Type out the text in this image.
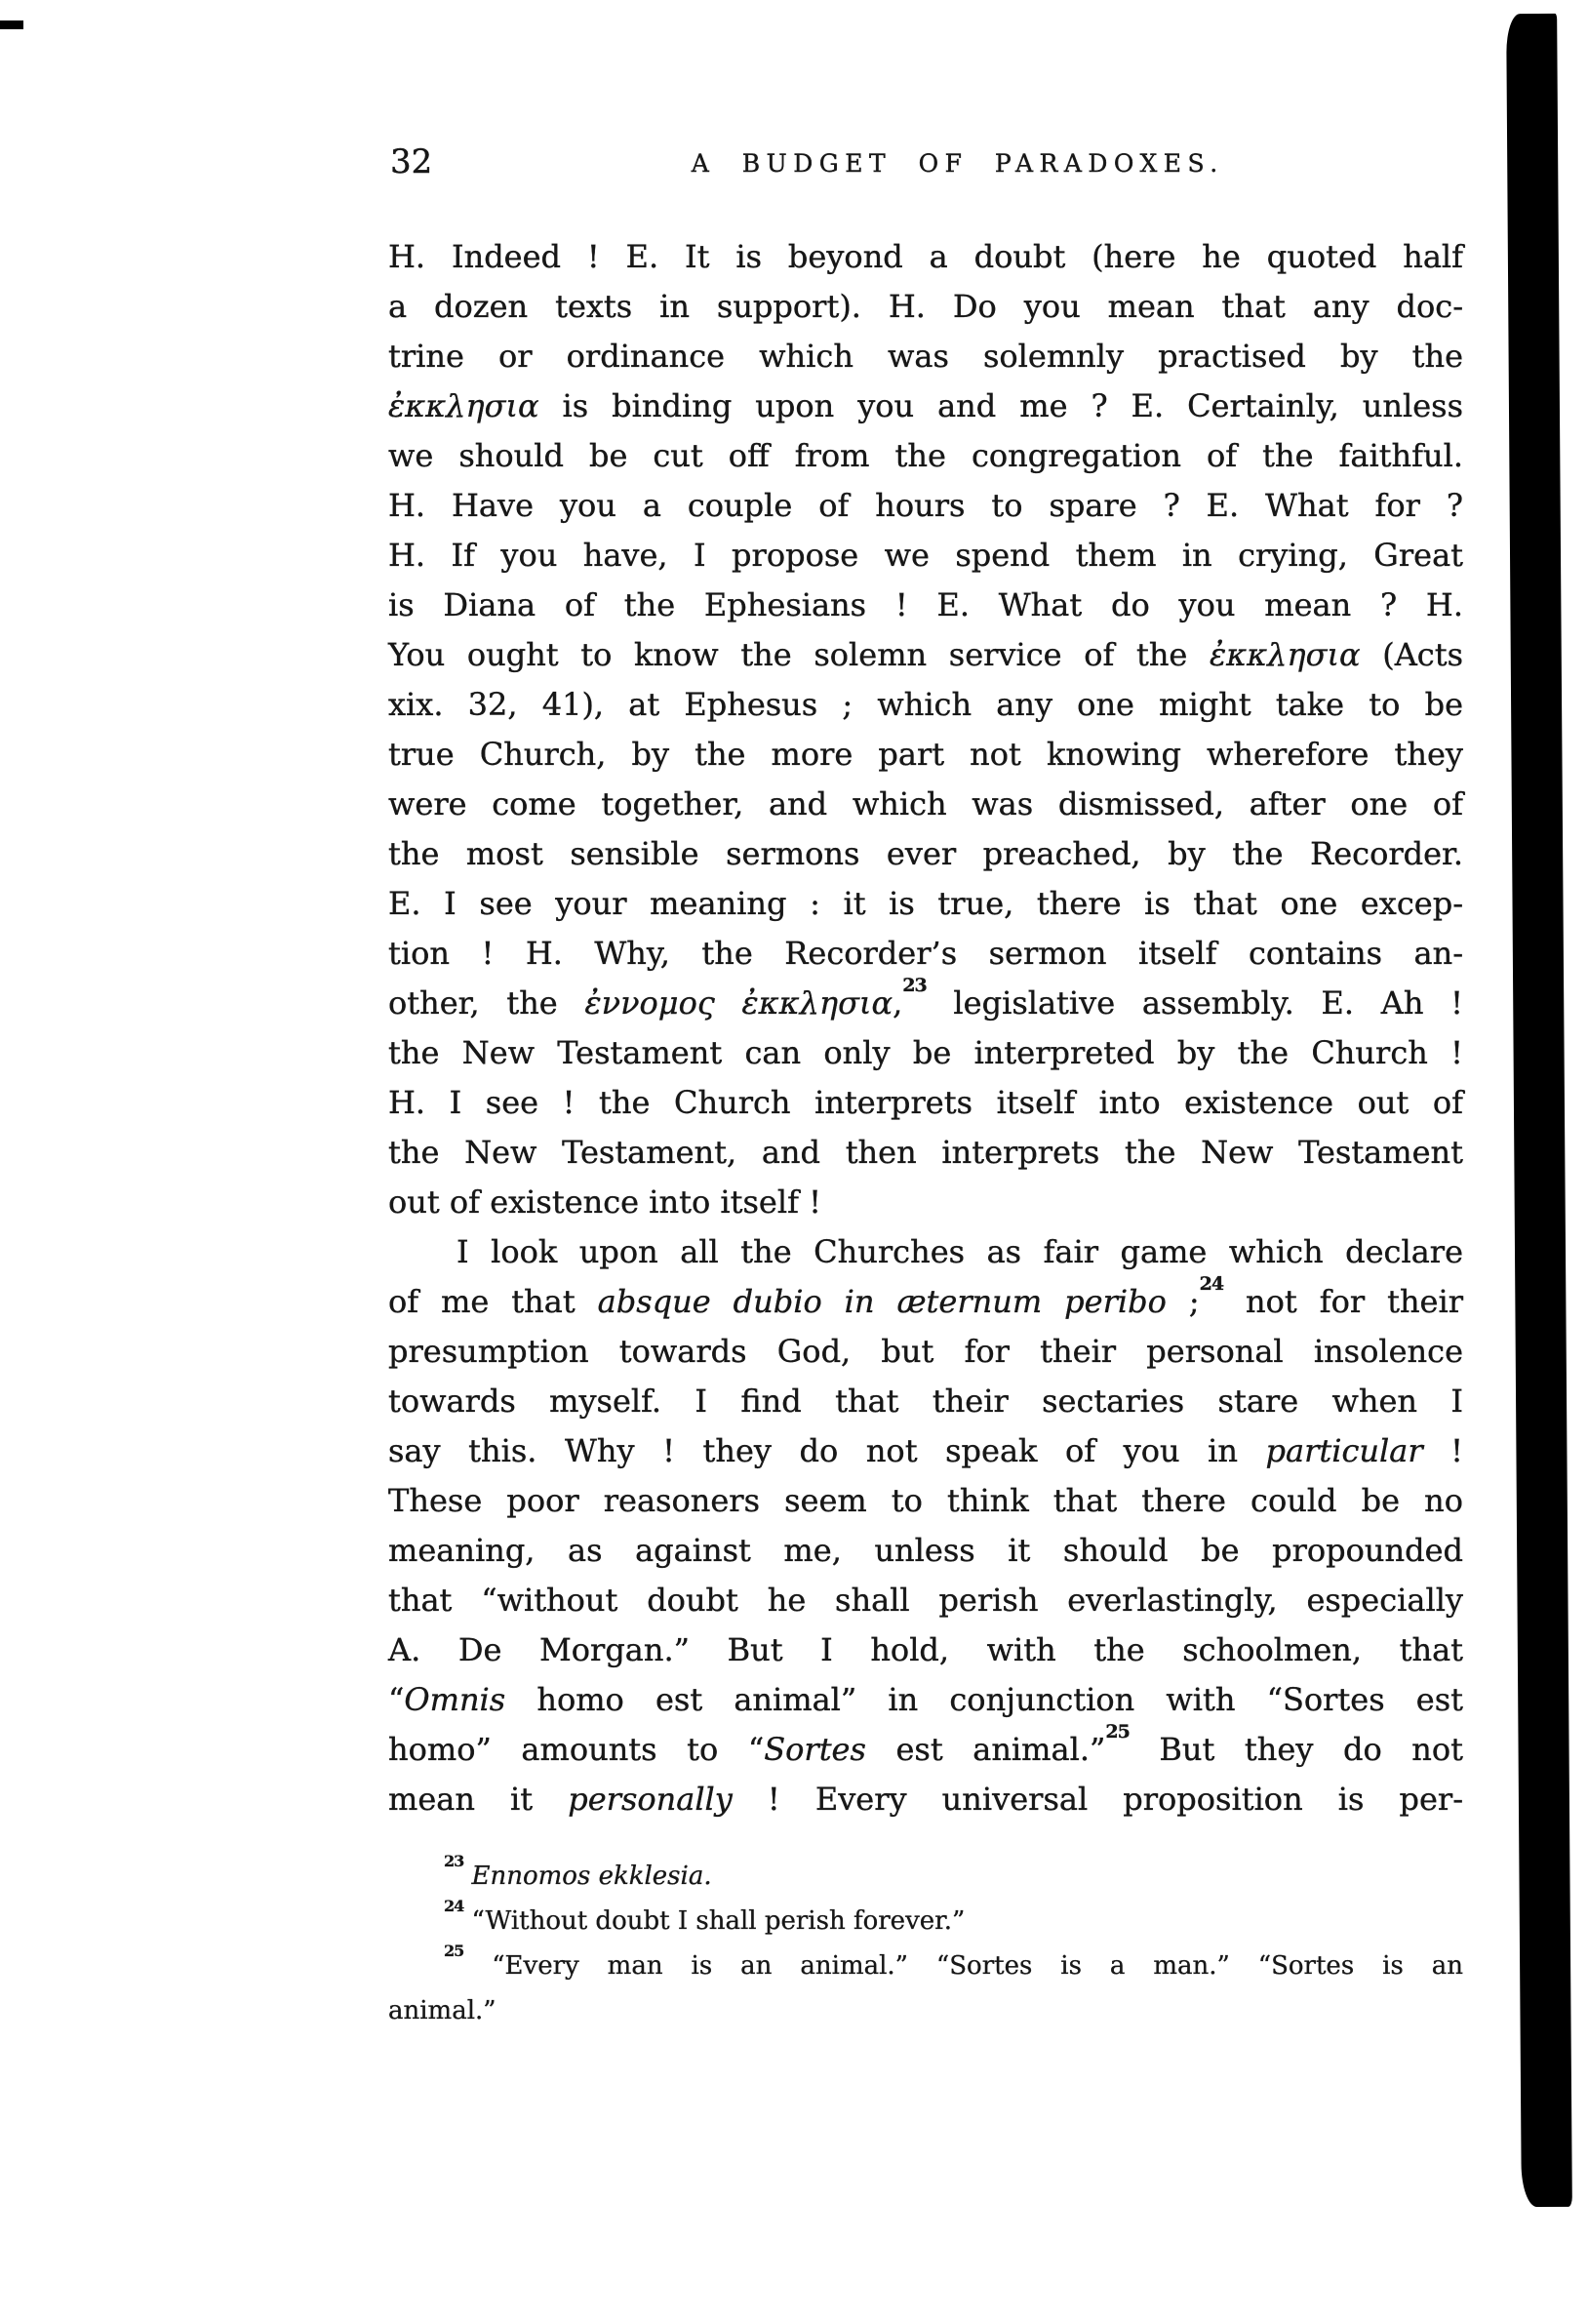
32	A BUDGET OF PARADOXES.
H. Indeed ! E. It is beyond a doubt (here he quoted half
a dozen texts in support). H. Do you mean that any doc-
trine or ordinance which was solemnly practised by the
ἐκκλησια is binding upon you and me ? E. Certainly, unless
we should be cut off from the congregation of the faithful.
H. Have you a couple of hours to spare ? E. What for ?
H. If you have, I propose we spend them in crying, Great
is Diana of the Ephesians ! E. What do you mean ? H.
You ought to know the solemn service of the ἐκκλησια (Acts
xix. 32, 41), at Ephesus ; which any one might take to be
true Church, by the more part not knowing wherefore they
were come together, and which was dismissed, after one of
the most sensible sermons ever preached, by the Recorder.
E. I see your meaning : it is true, there is that one excep-
tion ! H. Why, the Recorder’s sermon itself contains an-
other, the ἐννομος ἐκκλησια,$^{23}$ legislative assembly. E. Ah !
the New Testament can only be interpreted by the Church !
H. I see ! the Church interprets itself into existence out of
the New Testament, and then interprets the New Testament
out of existence into itself !
I look upon all the Churches as fair game which declare
of me that absque dubio in æternum peribo ;$^{24}$ not for their
presumption towards God, but for their personal insolence
towards myself. I find that their sectaries stare when I
say this. Why ! they do not speak of you in particular !
These poor reasoners seem to think that there could be no
meaning, as against me, unless it should be propounded
that “without doubt he shall perish everlastingly, especially
A. De Morgan.” But I hold, with the schoolmen, that
“Omnis homo est animal” in conjunction with “Sortes est
homo” amounts to “Sortes est animal.”$^{25}$ But they do not
mean it personally ! Every universal proposition is per-
$^{23}$ Ennomos ekklesia.
$^{24}$ “Without doubt I shall perish forever.”
$^{25}$ “Every man is an animal.” “Sortes is a man.” “Sortes is an
animal.”
